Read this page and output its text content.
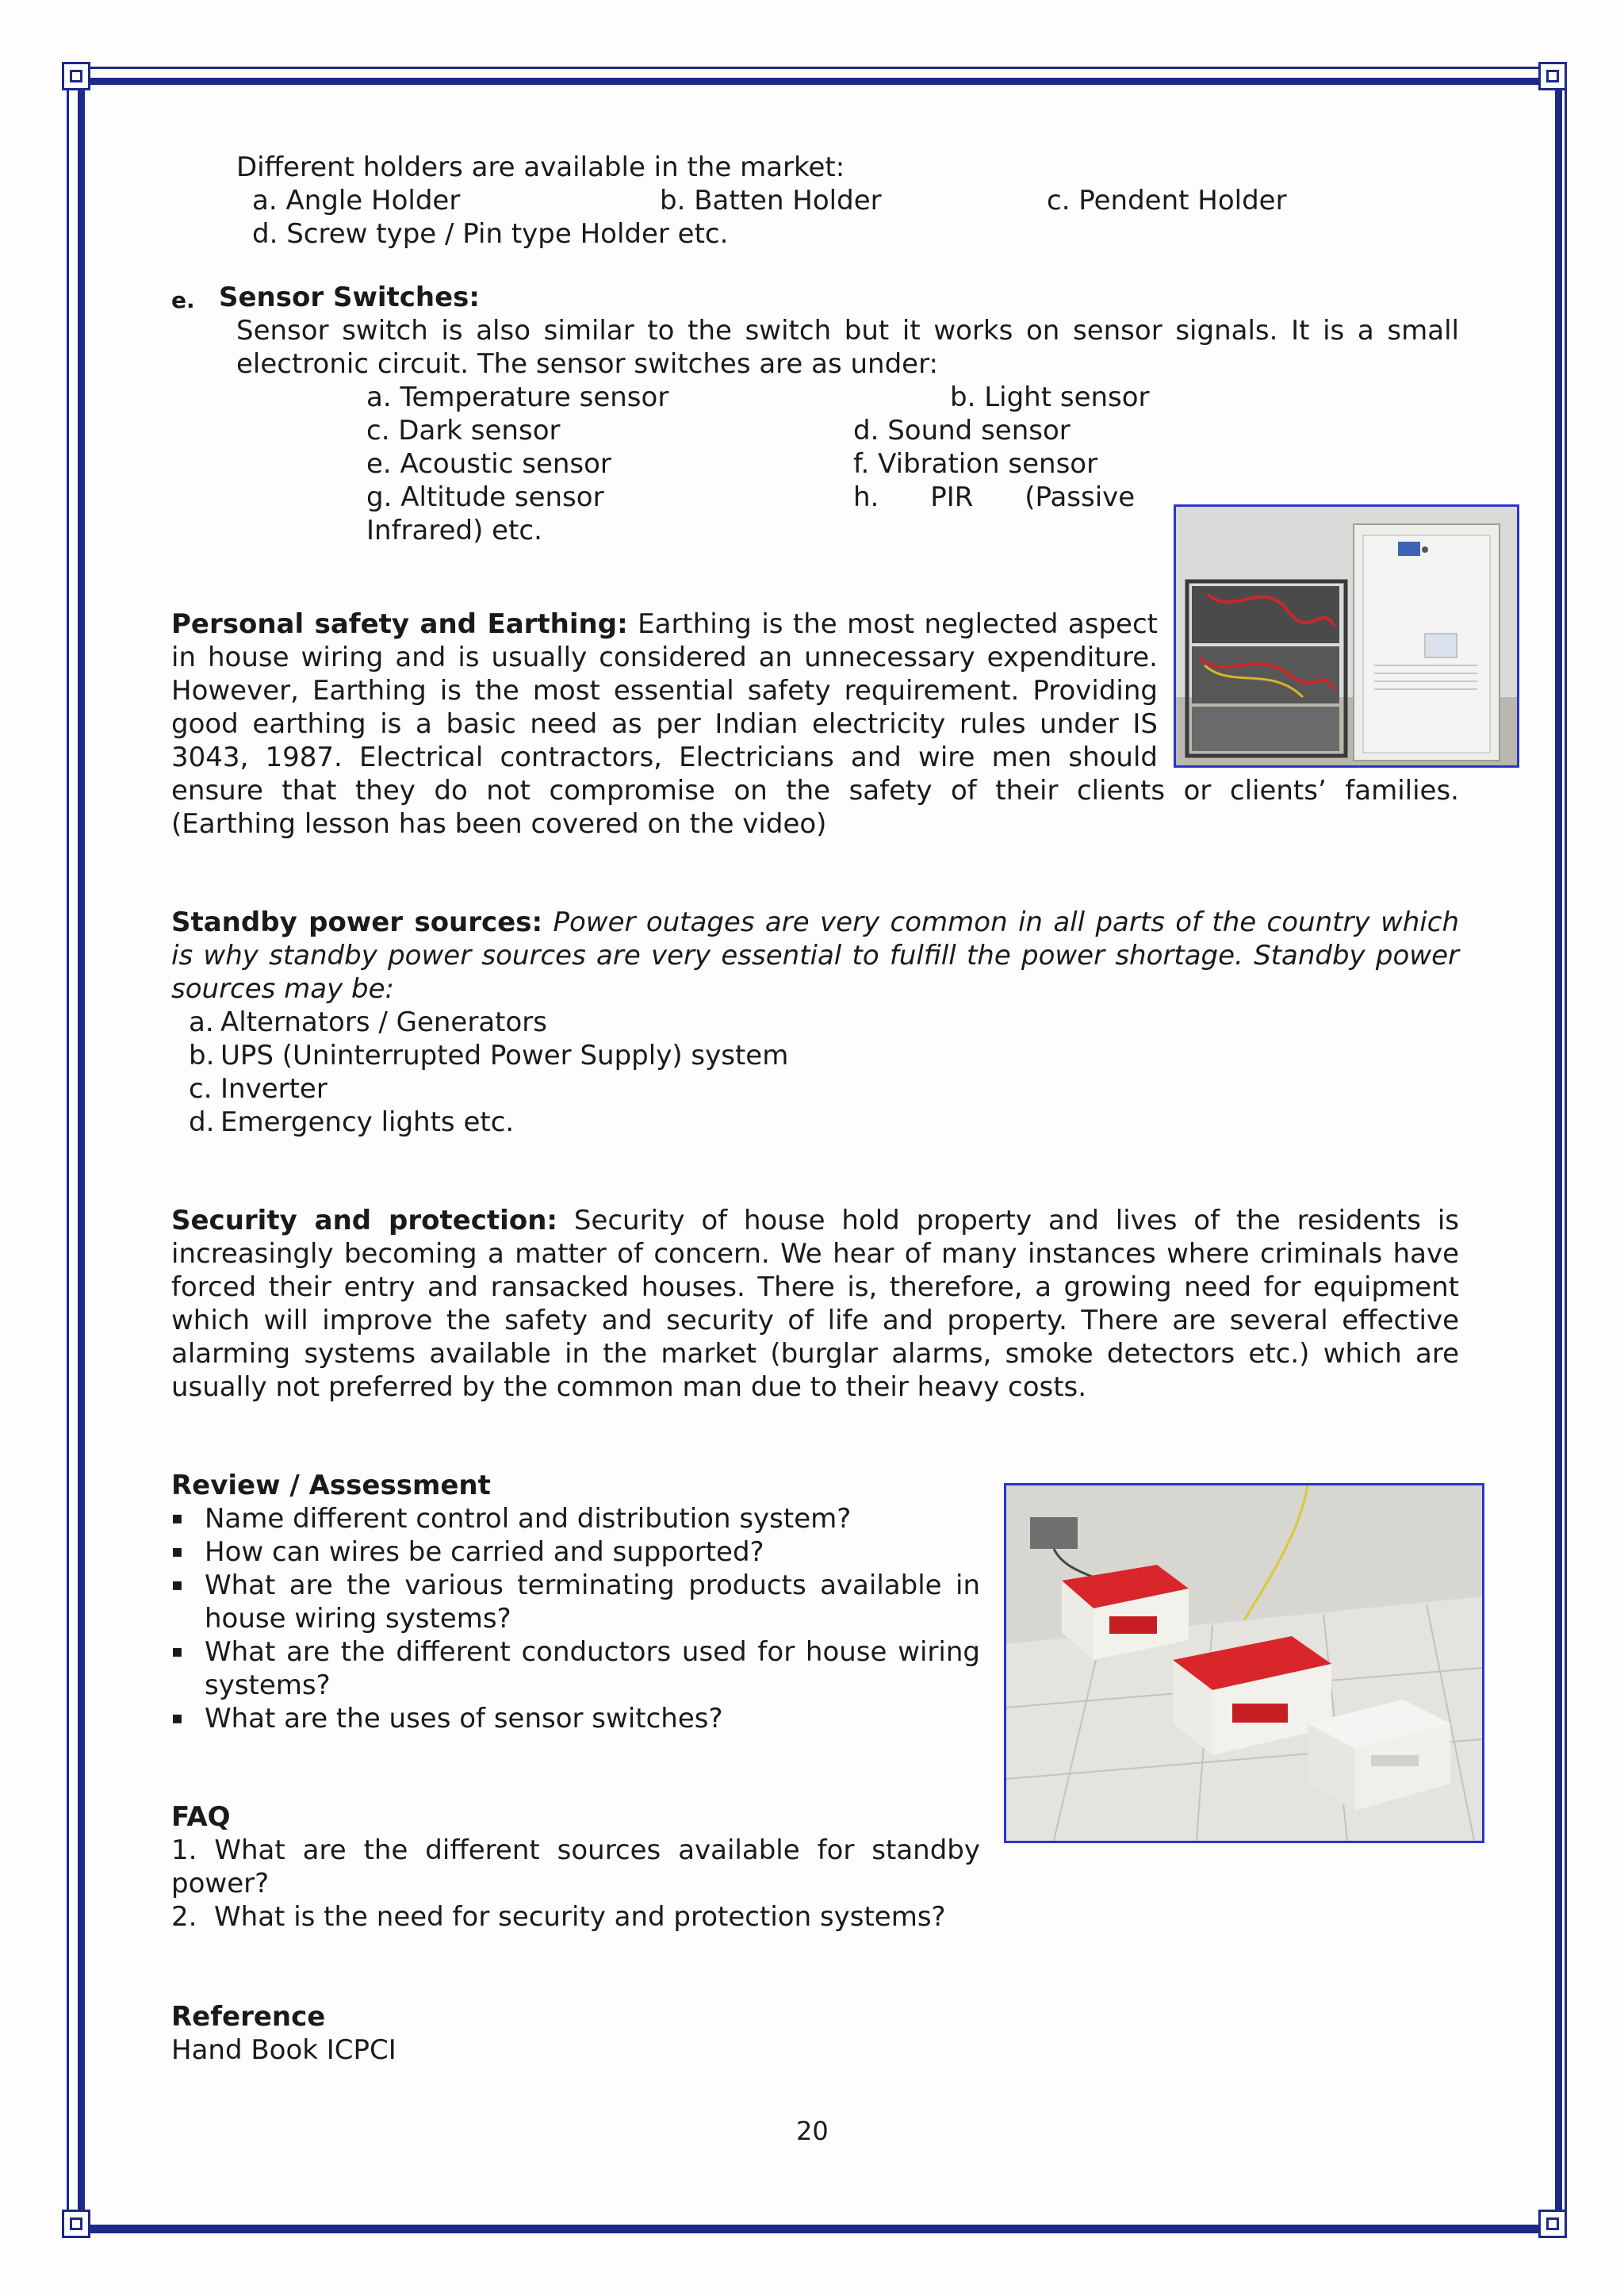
Different holders are available in the market:
a. Angle Holder	b. Batten Holder	c. Pendent Holder
d. Screw type / Pin type Holder etc.
e. Sensor Switches:
Sensor switch is also similar to the switch but it works on sensor signals. It is a small
electronic circuit. The sensor switches are as under:
a. Temperature sensor	b. Light sensor
c. Dark sensor	d. Sound sensor
e. Acoustic sensor	f. Vibration sensor
g. Altitude sensor	h.      PIR      (Passive
Infrared) etc.
Personal safety and Earthing: Earthing is the most neglected aspect
in house wiring and is usually considered an unnecessary expenditure.
However, Earthing is the most essential safety requirement. Providing
good earthing is a basic need as per Indian electricity rules under IS
3043, 1987. Electrical contractors, Electricians and wire men should
ensure that they do not compromise on the safety of their clients or clients’ families.
(Earthing lesson has been covered on the video)
Standby power sources: Power outages are very common in all parts of the country which
is why standby power sources are very essential to fulfill the power shortage. Standby power
sources may be:
a. Alternators / Generators
b. UPS (Uninterrupted Power Supply) system
c. Inverter
d. Emergency lights etc.
Security and protection: Security of house hold property and lives of the residents is
increasingly becoming a matter of concern. We hear of many instances where criminals have
forced their entry and ransacked houses. There is, therefore, a growing need for equipment
which will improve the safety and security of life and property. There are several effective
alarming systems available in the market (burglar alarms, smoke detectors etc.) which are
usually not preferred by the common man due to their heavy costs.
Review / Assessment
▪ Name different control and distribution system?
▪ How can wires be carried and supported?
▪ What are the various terminating products available in
house wiring systems?
▪ What are the different conductors used for house wiring
systems?
▪ What are the uses of sensor switches?
FAQ
1. What are the different sources available for standby
power?
2.  What is the need for security and protection systems?
Reference
Hand Book ICPCI
20
